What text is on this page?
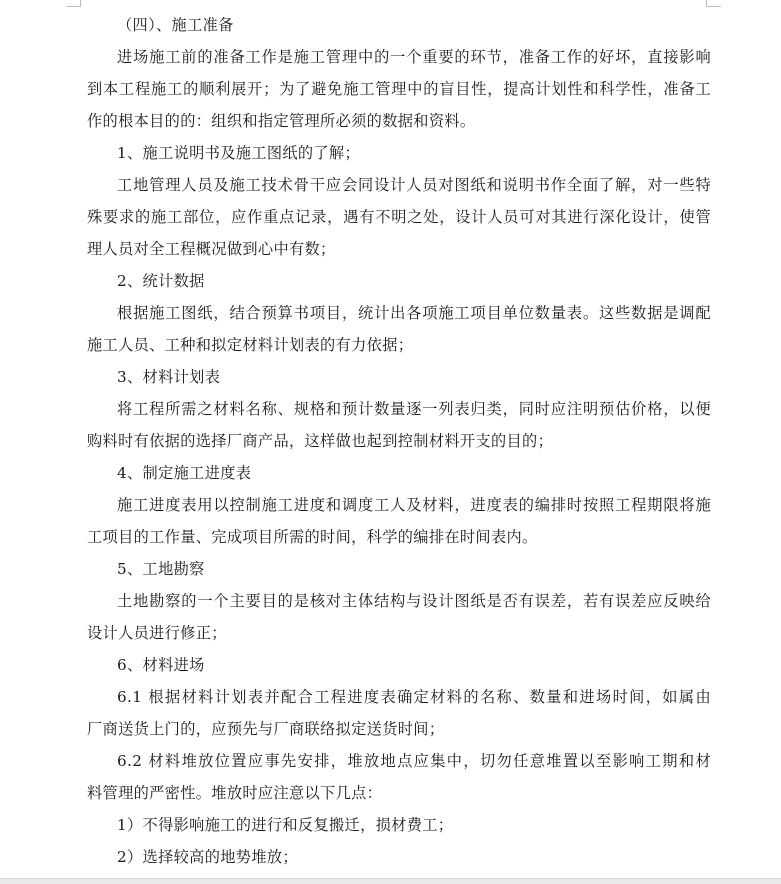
（四）、施工准备
进场施工前的准备工作是施工管理中的一个重要的环节，准备工作的好坏，直接影响
到本工程施工的顺利展开；为了避免施工管理中的盲目性，提高计划性和科学性，准备工
作的根本目的的：组织和指定管理所必须的数据和资料。
1、施工说明书及施工图纸的了解；
工地管理人员及施工技术骨干应会同设计人员对图纸和说明书作全面了解，对一些特
殊要求的施工部位，应作重点记录，遇有不明之处，设计人员可对其进行深化设计，使管
理人员对全工程概况做到心中有数；
2、统计数据
根据施工图纸，结合预算书项目，统计出各项施工项目单位数量表。这些数据是调配
施工人员、工种和拟定材料计划表的有力依据；
3、材料计划表
将工程所需之材料名称、规格和预计数量逐一列表归类，同时应注明预估价格，以便
购料时有依据的选择厂商产品，这样做也起到控制材料开支的目的；
4、制定施工进度表
施工进度表用以控制施工进度和调度工人及材料，进度表的编排时按照工程期限将施
工项目的工作量、完成项目所需的时间，科学的编排在时间表内。
5、工地勘察
土地勘察的一个主要目的是核对主体结构与设计图纸是否有误差，若有误差应反映给
设计人员进行修正；
6、材料进场
6.1 根据材料计划表并配合工程进度表确定材料的名称、数量和进场时间，如属由
厂商送货上门的，应预先与厂商联络拟定送货时间；
6.2 材料堆放位置应事先安排，堆放地点应集中，切勿任意堆置以至影响工期和材
料管理的严密性。堆放时应注意以下几点：
1）不得影响施工的进行和反复搬迁，损材费工；
2）选择较高的地势堆放；
